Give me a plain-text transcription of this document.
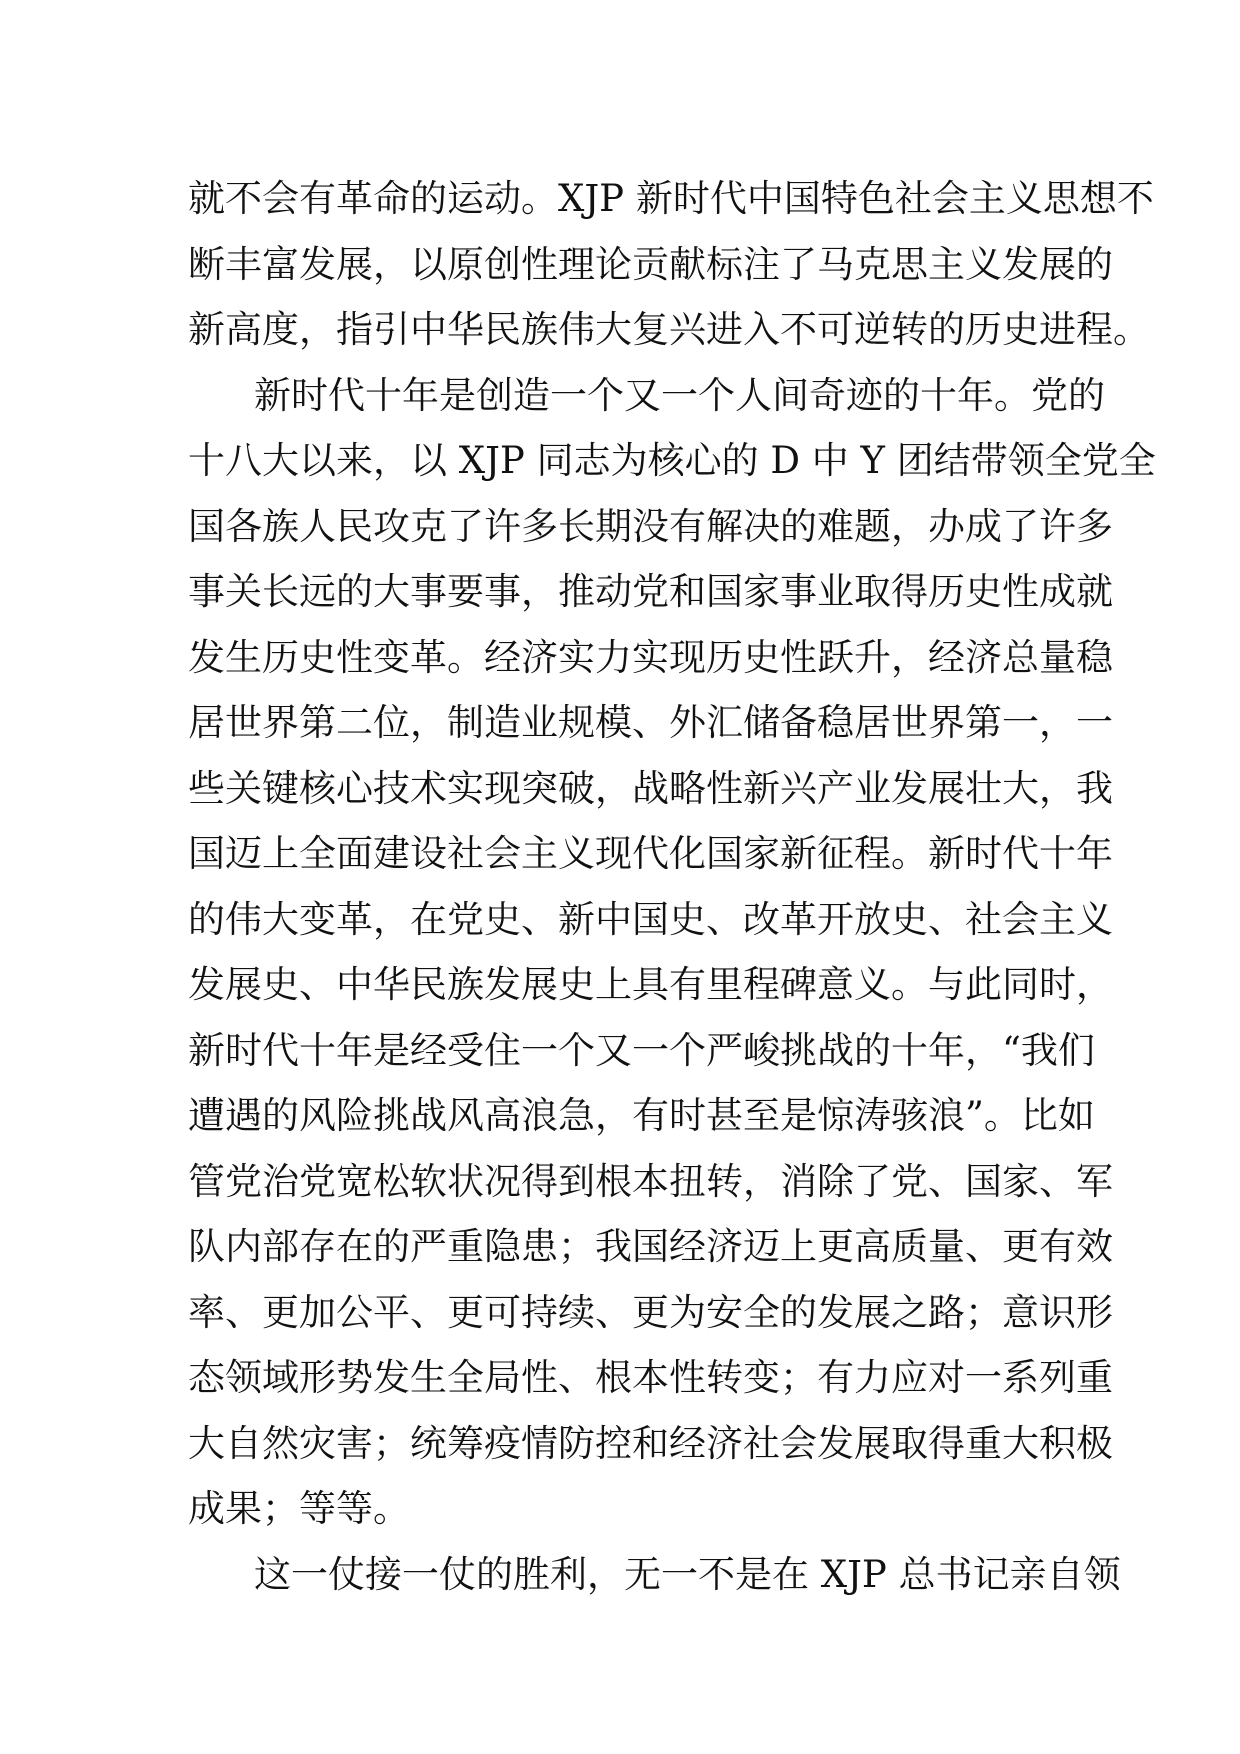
就不会有革命的运动。XJP 新时代中国特色社会主义思想不
断丰富发展，以原创性理论贡献标注了马克思主义发展的
新高度，指引中华民族伟大复兴进入不可逆转的历史进程。
新时代十年是创造一个又一个人间奇迹的十年。党的
十八大以来，以 XJP 同志为核心的 D 中 Y 团结带领全党全
国各族人民攻克了许多长期没有解决的难题，办成了许多
事关长远的大事要事，推动党和国家事业取得历史性成就
发生历史性变革。经济实力实现历史性跃升，经济总量稳
居世界第二位，制造业规模、外汇储备稳居世界第一，一
些关键核心技术实现突破，战略性新兴产业发展壮大，我
国迈上全面建设社会主义现代化国家新征程。新时代十年
的伟大变革，在党史、新中国史、改革开放史、社会主义
发展史、中华民族发展史上具有里程碑意义。与此同时，
新时代十年是经受住一个又一个严峻挑战的十年，“我们
遭遇的风险挑战风高浪急，有时甚至是惊涛骇浪”。比如
管党治党宽松软状况得到根本扭转，消除了党、国家、军
队内部存在的严重隐患；我国经济迈上更高质量、更有效
率、更加公平、更可持续、更为安全的发展之路；意识形
态领域形势发生全局性、根本性转变；有力应对一系列重
大自然灾害；统筹疫情防控和经济社会发展取得重大积极
成果；等等。
这一仗接一仗的胜利，无一不是在 XJP 总书记亲自领
